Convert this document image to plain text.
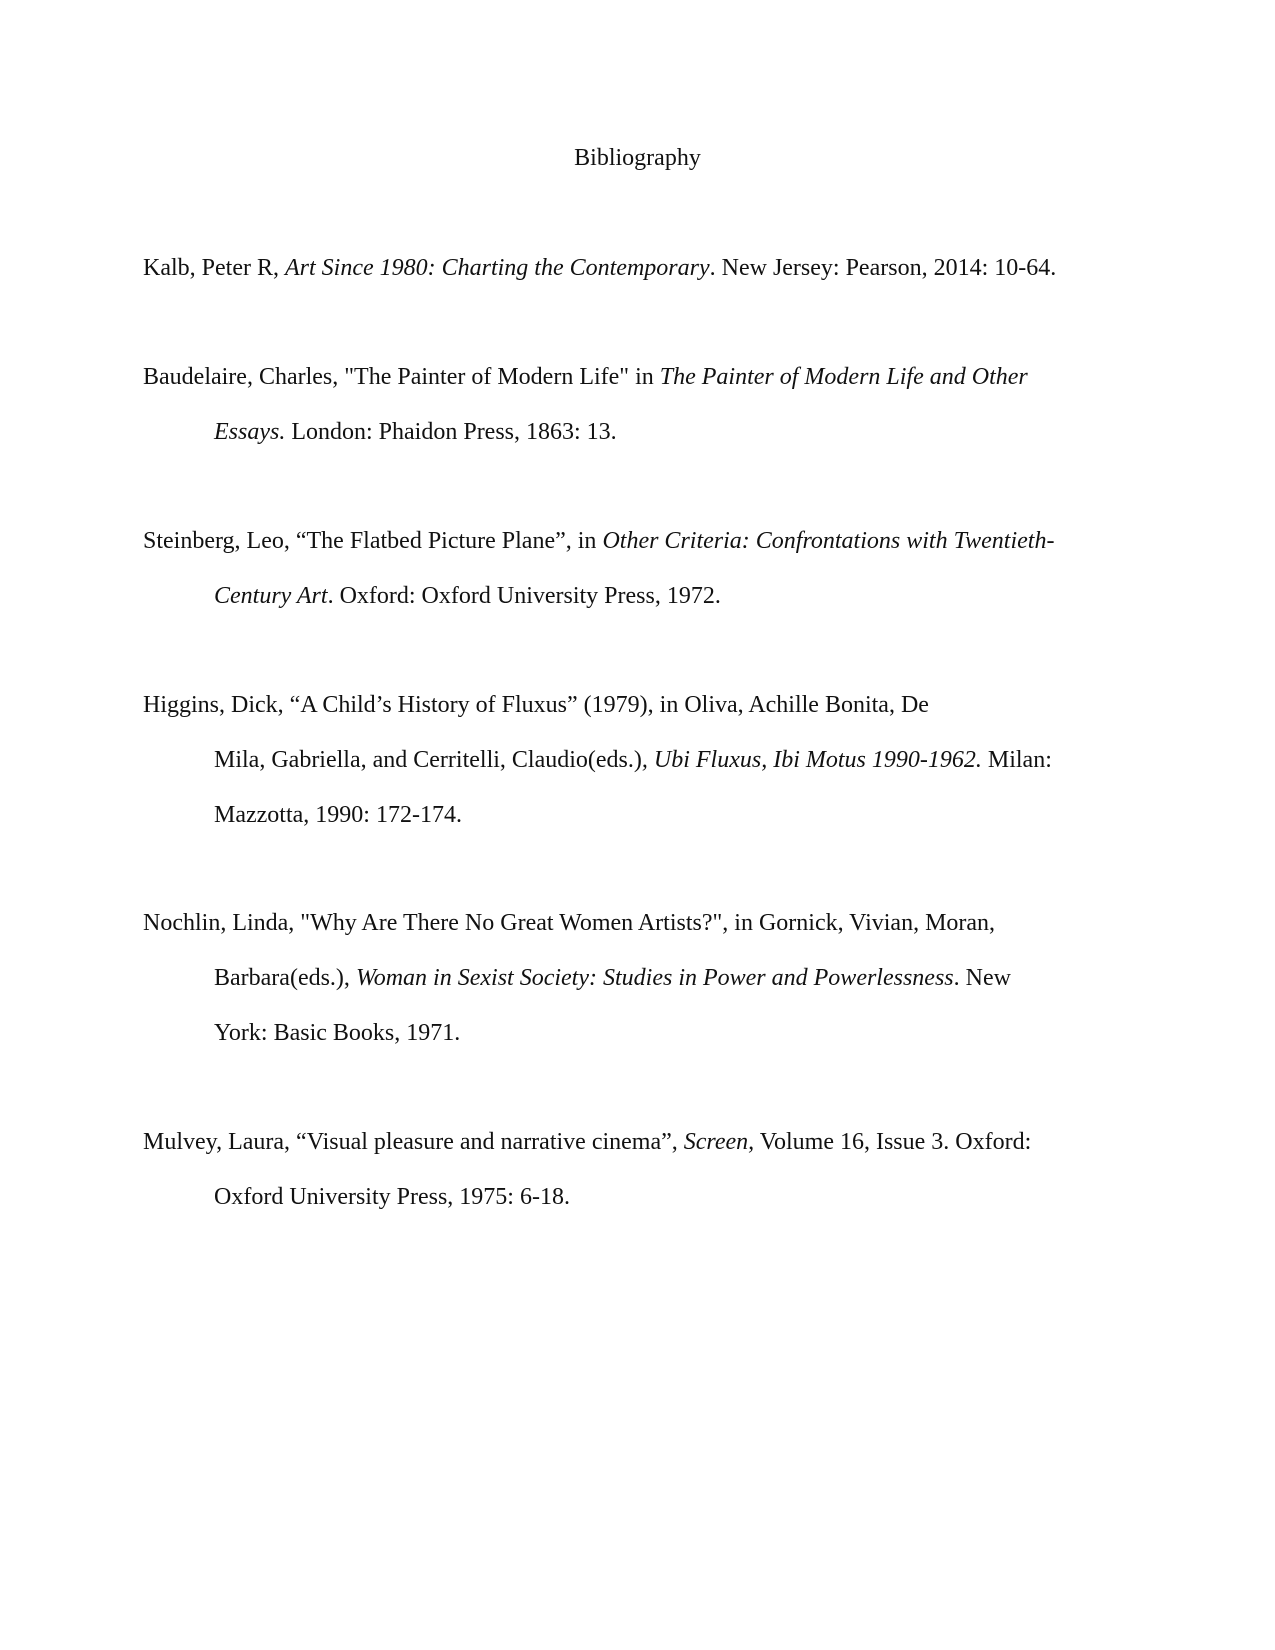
Bibliography
Kalb, Peter R, Art Since 1980: Charting the Contemporary. New Jersey: Pearson, 2014: 10-64.
Baudelaire, Charles, "The Painter of Modern Life" in The Painter of Modern Life and Other
Essays. London: Phaidon Press, 1863: 13.
Steinberg, Leo, “The Flatbed Picture Plane”, in Other Criteria: Confrontations with Twentieth-
Century Art. Oxford: Oxford University Press, 1972.
Higgins, Dick, “A Child’s History of Fluxus” (1979), in Oliva, Achille Bonita, De
Mila, Gabriella, and Cerritelli, Claudio(eds.), Ubi Fluxus, Ibi Motus 1990-1962. Milan:
Mazzotta, 1990: 172-174.
Nochlin, Linda, "Why Are There No Great Women Artists?", in Gornick, Vivian, Moran,
Barbara(eds.), Woman in Sexist Society: Studies in Power and Powerlessness. New
York: Basic Books, 1971.
Mulvey, Laura, “Visual pleasure and narrative cinema”, Screen, Volume 16, Issue 3. Oxford:
Oxford University Press, 1975: 6-18.
